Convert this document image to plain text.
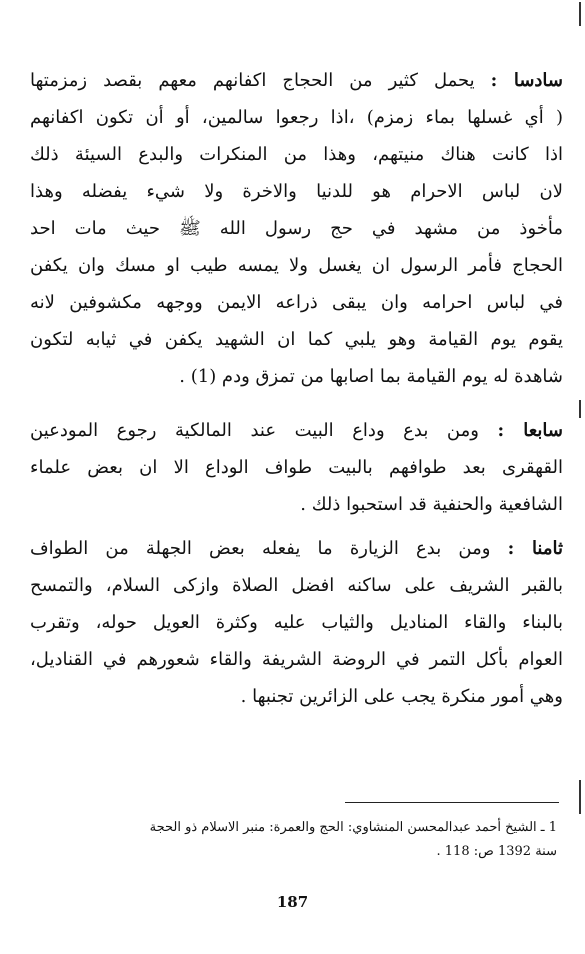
سادسا : يحمل كثير من الحجاج اكفانهم معهم بقصد زمزمتها
( أي غسلها بماء زمزم) ،اذا رجعوا سالمين، أو أن تكون اكفانهم
اذا كانت هناك منيتهم، وهذا من المنكرات والبدع السيئة ذلك
لان لباس الاحرام هو للدنيا والاخرة ولا شيء يفضله وهذا
مأخوذ من مشهد في حج رسول الله ﷺ حيث مات احد
الحجاج فأمر الرسول ان يغسل ولا يمسه طيب او مسك وان يكفن
في لباس احرامه وان يبقى ذراعه الايمن ووجهه مكشوفين لانه
يقوم يوم القيامة وهو يلبي كما ان الشهيد يكفن في ثيابه لتكون
شاهدة له يوم القيامة بما اصابها من تمزق ودم (1) .
سابعا : ومن بدع وداع البيت عند المالكية رجوع المودعين
القهقرى بعد طوافهم بالبيت طواف الوداع الا ان بعض علماء
الشافعية والحنفية قد استحبوا ذلك .
ثامنا : ومن بدع الزيارة ما يفعله بعض الجهلة من الطواف
بالقبر الشريف على ساكنه افضل الصلاة وازكى السلام، والتمسح
بالبناء والقاء المناديل والثياب عليه وكثرة العويل حوله، وتقرب
العوام بأكل التمر في الروضة الشريفة والقاء شعورهم في القناديل،
وهي أمور منكرة يجب على الزائرين تجنبها .
1 ـ الشيخ أحمد عبدالمحسن المنشاوي: الحج والعمرة: منبر الاسلام ذو الحجة
سنة 1392 ص: 118 .
187
